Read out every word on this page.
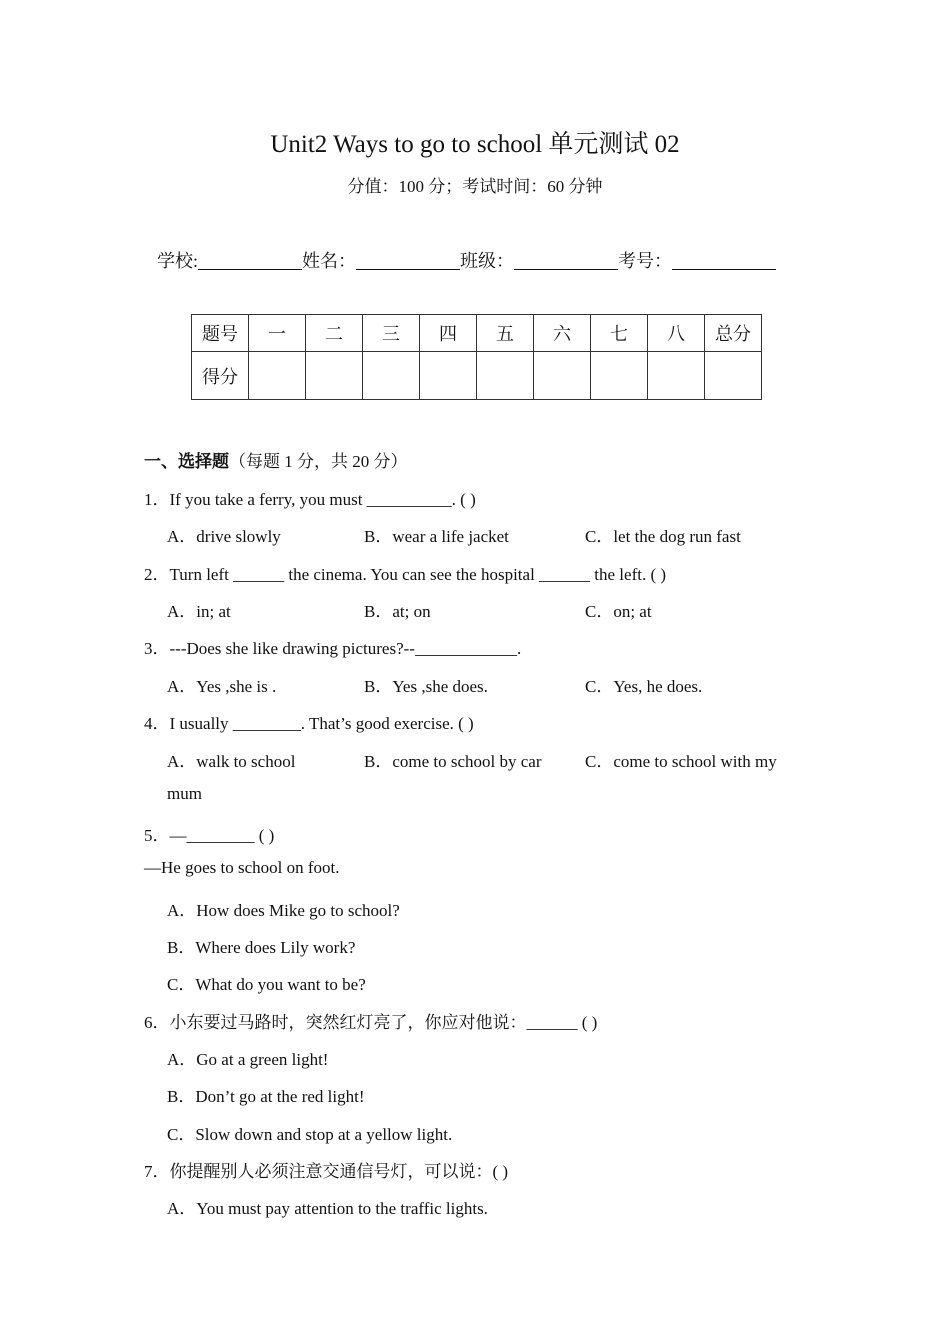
Unit2 Ways to go to school 单元测试 02
分值：100 分；考试时间：60 分钟
学校:	姓名：	班级：	考号：
题号	一	二	三	四	五	六	七	八	总分
得分									
一、选择题（每题 1 分，共 20 分）
1．If you take a ferry, you must __________. ( )
A．drive slowly	B．wear a life jacket	C．let the dog run fast
2．Turn left ______ the cinema. You can see the hospital ______ the left. ( )
A．in; at	B．at; on	C．on; at
3．---Does she like drawing pictures?--____________.
A．Yes ,she is .	B．Yes ,she does.	C．Yes, he does.
4．I usually ________. That’s good exercise. ( )
A．walk to school	B．come to school by car	C．come to school with my
mum
5．—________ ( )
—He goes to school on foot.
A．How does Mike go to school?
B．Where does Lily work?
C．What do you want to be?
6．小东要过马路时，突然红灯亮了，你应对他说：______ ( )
A．Go at a green light!
B．Don’t go at the red light!
C．Slow down and stop at a yellow light.
7．你提醒别人必须注意交通信号灯，可以说：( )
A．You must pay attention to the traffic lights.
